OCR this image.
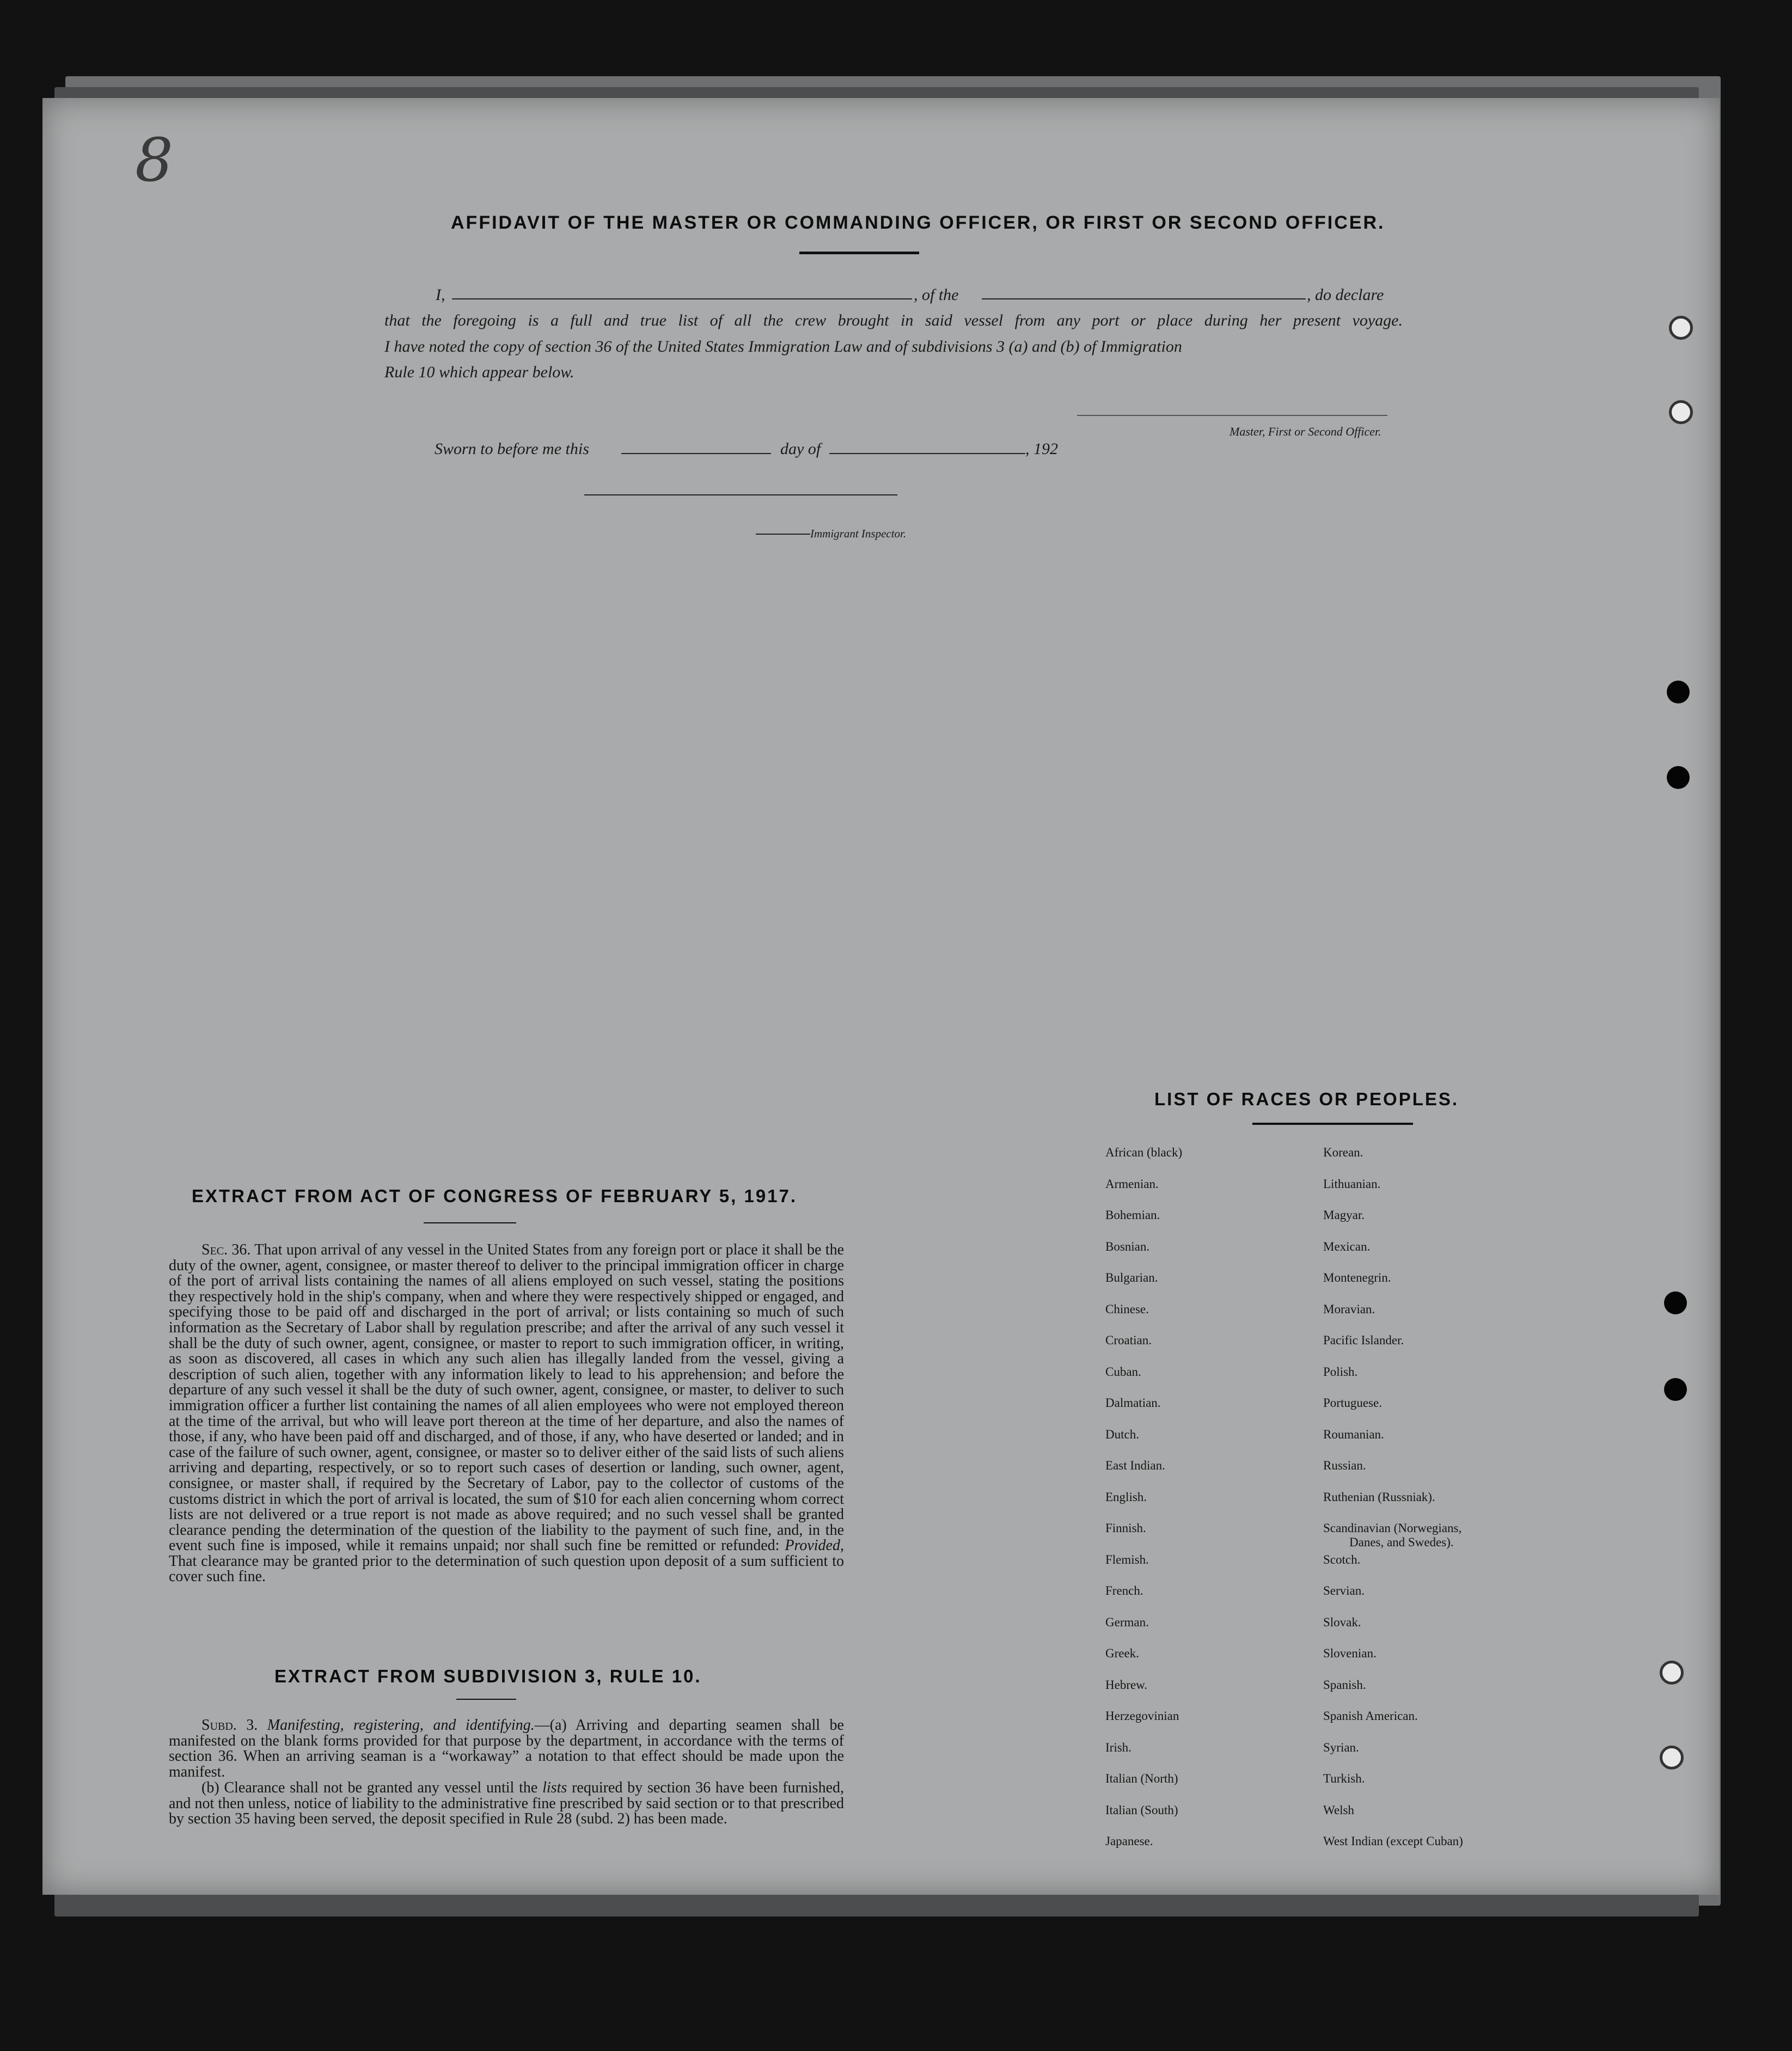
8
AFFIDAVIT OF THE MASTER OR COMMANDING OFFICER, OR FIRST OR SECOND OFFICER.
I,	, of the	, do declare
that the foregoing is a full and true list of all the crew brought in said vessel from any port or place during her present voyage.
I have noted the copy of section 36 of the United States Immigration Law and of subdivisions 3 (a) and (b) of Immigration
Rule 10 which appear below.
Master, First or Second Officer.
Sworn to before me this	day of	, 192
Immigrant Inspector.
EXTRACT FROM ACT OF CONGRESS OF FEBRUARY 5, 1917.
Sec. 36. That upon arrival of any vessel in the United States from any foreign port or place it shall be the duty of the owner, agent, consignee, or master thereof to deliver to the principal immigration officer in charge of the port of arrival lists containing the names of all aliens employed on such vessel, stating the positions they respectively hold in the ship's company, when and where they were respectively shipped or engaged, and specifying those to be paid off and discharged in the port of arrival; or lists containing so much of such information as the Secretary of Labor shall by regulation prescribe; and after the arrival of any such vessel it shall be the duty of such owner, agent, consignee, or master to report to such immigration officer, in writing, as soon as discovered, all cases in which any such alien has illegally landed from the vessel, giving a description of such alien, together with any information likely to lead to his apprehension; and before the departure of any such vessel it shall be the duty of such owner, agent, consignee, or master, to deliver to such immigration officer a further list containing the names of all alien employees who were not employed thereon at the time of the arrival, but who will leave port thereon at the time of her departure, and also the names of those, if any, who have been paid off and discharged, and of those, if any, who have deserted or landed; and in case of the failure of such owner, agent, consignee, or master so to deliver either of the said lists of such aliens arriving and departing, respectively, or so to report such cases of desertion or landing, such owner, agent, consignee, or master shall, if required by the Secretary of Labor, pay to the collector of customs of the customs district in which the port of arrival is located, the sum of $10 for each alien concerning whom correct lists are not delivered or a true report is not made as above required; and no such vessel shall be granted clearance pending the determination of the question of the liability to the payment of such fine, and, in the event such fine is imposed, while it remains unpaid; nor shall such fine be remitted or refunded: Provided, That clearance may be granted prior to the determination of such question upon deposit of a sum sufficient to cover such fine.
EXTRACT FROM SUBDIVISION 3, RULE 10.
Subd. 3. Manifesting, registering, and identifying.—(a) Arriving and departing seamen shall be manifested on the blank forms provided for that purpose by the department, in accordance with the terms of section 36. When an arriving seaman is a “workaway” a notation to that effect should be made upon the manifest.
(b) Clearance shall not be granted any vessel until the lists required by section 36 have been furnished, and not then unless, notice of liability to the administrative fine prescribed by said section or to that prescribed by section 35 having been served, the deposit specified in Rule 28 (subd. 2) has been made.
LIST OF RACES OR PEOPLES.
African (black)
Armenian.
Bohemian.
Bosnian.
Bulgarian.
Chinese.
Croatian.
Cuban.
Dalmatian.
Dutch.
East Indian.
English.
Finnish.
Flemish.
French.
German.
Greek.
Hebrew.
Herzegovinian
Irish.
Italian (North)
Italian (South)
Japanese.
Korean.
Lithuanian.
Magyar.
Mexican.
Montenegrin.
Moravian.
Pacific Islander.
Polish.
Portuguese.
Roumanian.
Russian.
Ruthenian (Russniak).
Scandinavian (Norwegians,
Danes, and Swedes).
Scotch.
Servian.
Slovak.
Slovenian.
Spanish.
Spanish American.
Syrian.
Turkish.
Welsh
West Indian (except Cuban)
